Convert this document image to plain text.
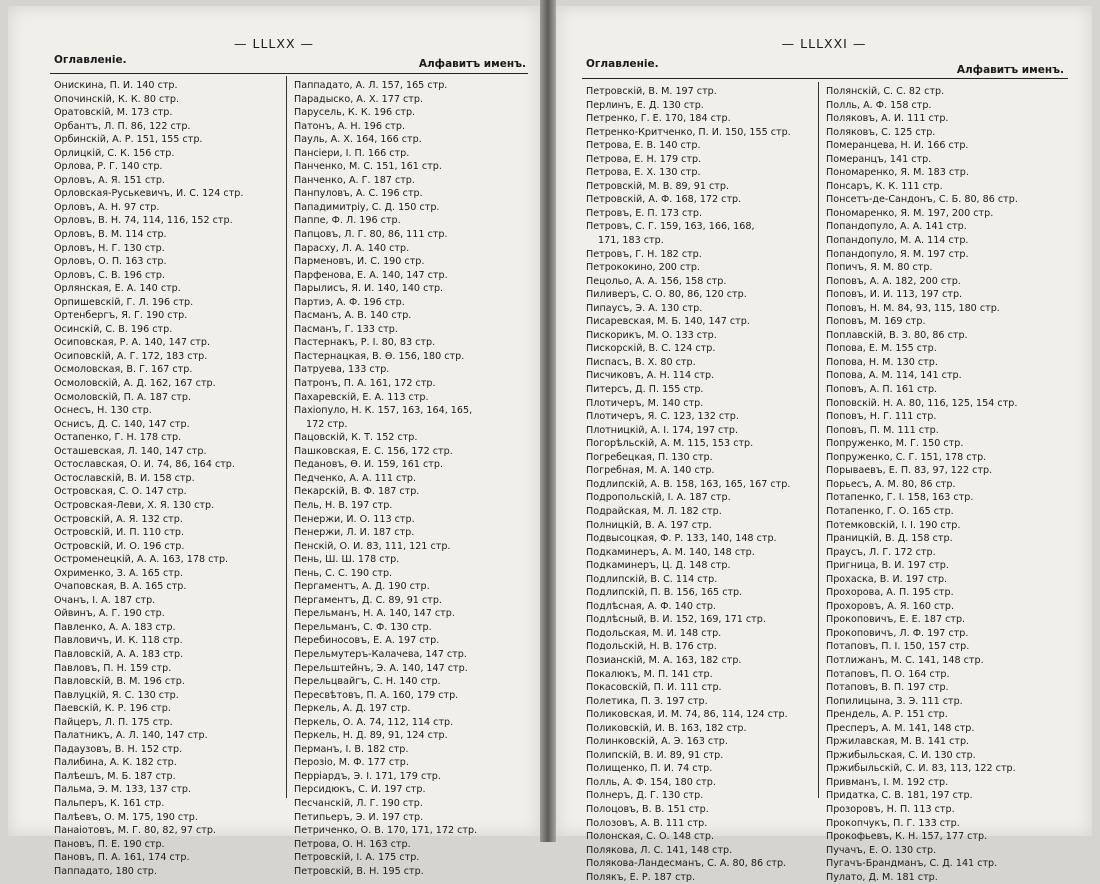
— LLLXX —
Оглавленіе.	Алфавитъ именъ.
Онискина, П. И. 140 стр.
Опочинскій, К. К. 80 стр.
Оратовскій, М. 173 стр.
Орбантъ, Л. П. 86, 122 стр.
Орбинскій, А. Р. 151, 155 стр.
Орлицкій, С. К. 156 стр.
Орлова, Р. Г. 140 стр.
Орловъ, А. Я. 151 стр.
Орловская-Руськевичъ, И. С. 124 стр.
Орловъ, А. Н. 97 стр.
Орловъ, В. Н. 74, 114, 116, 152 стр.
Орловъ, В. М. 114 стр.
Орловъ, Н. Г. 130 стр.
Орловъ, О. П. 163 стр.
Орловъ, С. В. 196 стр.
Орлянская, Е. А. 140 стр.
Орпишевскій, Г. Л. 196 стр.
Ортенбергъ, Я. Г. 190 стр.
Осинскій, С. В. 196 стр.
Осиповская, Р. А. 140, 147 стр.
Осиповскій, А. Г. 172, 183 стр.
Осмоловская, В. Г. 167 стр.
Осмоловскій, А. Д. 162, 167 стр.
Осмоловскій, П. А. 187 стр.
Оснесъ, Н. 130 стр.
Оснисъ, Д. С. 140, 147 стр.
Остапенко, Г. Н. 178 стр.
Осташевская, Л. 140, 147 стр.
Остославская, О. И. 74, 86, 164 стр.
Остославскій, В. И. 158 стр.
Островская, С. О. 147 стр.
Островская-Леви, Х. Я. 130 стр.
Островскій, А. Я. 132 стр.
Островскій, И. П. 110 стр.
Островскій, И. О. 196 стр.
Остроменецкій, А. А. 163, 178 стр.
Охрименко, З. А. 165 стр.
Очаповская, В. А. 165 стр.
Очанъ, І. А. 187 стр.
Ойвинъ, А. Г. 190 стр.
Павленко, А. А. 183 стр.
Павловичъ, И. К. 118 стр.
Павловскій, А. А. 183 стр.
Павловъ, П. Н. 159 стр.
Павловскій, В. М. 196 стр.
Павлуцкій, Я. С. 130 стр.
Паевскій, К. Р. 196 стр.
Пайцеръ, Л. П. 175 стр.
Палатникъ, А. Л. 140, 147 стр.
Падаузовъ, В. Н. 152 стр.
Палибина, А. К. 182 стр.
Палѣешъ, М. Б. 187 стр.
Пальма, Э. М. 133, 137 стр.
Пальперъ, К. 161 стр.
Палѣевъ, О. М. 175, 190 стр.
Панаіотовъ, М. Г. 80, 82, 97 стр.
Пановъ, П. Е. 190 стр.
Пановъ, П. А. 161, 174 стр.
Паппадато, 180 стр.
Паппадато, А. Л. 157, 165 стр.
Парадыско, А. Х. 177 стр.
Парусель, К. К. 196 стр.
Патонъ, А. Н. 196 стр.
Пауль, А. Х. 164, 166 стр.
Пансіери, І. П. 166 стр.
Панченко, М. С. 151, 161 стр.
Панченко, А. Г. 187 стр.
Панпуловъ, А. С. 196 стр.
Пападимитріу, С. Д. 150 стр.
Паппе, Ф. Л. 196 стр.
Папцовъ, Л. Г. 80, 86, 111 стр.
Парасху, Л. А. 140 стр.
Парменовъ, И. С. 190 стр.
Парфенова, Е. А. 140, 147 стр.
Парылисъ, Я. И. 140, 140 стр.
Партиэ, А. Ф. 196 стр.
Пасманъ, А. В. 140 стр.
Пасманъ, Г. 133 стр.
Пастернакъ, Р. І. 80, 83 стр.
Пастернацкая, В. Ө. 156, 180 стр.
Патруева, 133 стр.
Патронъ, П. А. 161, 172 стр.
Пахаревскій, Е. А. 113 стр.
Пахіопуло, Н. К. 157, 163, 164, 165,
172 стр.
Пацовскій, К. Т. 152 стр.
Пашковская, Е. С. 156, 172 стр.
Педановъ, Ө. И. 159, 161 стр.
Педченко, А. А. 111 стр.
Пекарскій, В. Ф. 187 стр.
Пель, Н. В. 197 стр.
Пенержи, И. О. 113 стр.
Пенержи, Л. И. 187 стр.
Пенскій, О. И. 83, 111, 121 стр.
Пень, Ш. Ш. 178 стр.
Пень, С. С. 190 стр.
Пергаментъ, А. Д. 190 стр.
Пергаментъ, Д. С. 89, 91 стр.
Перельманъ, Н. А. 140, 147 стр.
Перельманъ, С. Ф. 130 стр.
Перебиносовъ, Е. А. 197 стр.
Перельмутеръ-Калачева, 147 стр.
Перельштейнъ, Э. А. 140, 147 стр.
Перельцвайгъ, С. Н. 140 стр.
Пересвѣтовъ, П. А. 160, 179 стр.
Перкель, А. Д. 197 стр.
Перкель, О. А. 74, 112, 114 стр.
Перкель, Н. Д. 89, 91, 124 стр.
Перманъ, І. В. 182 стр.
Перозіо, М. Ф. 177 стр.
Перріардъ, Э. І. 171, 179 стр.
Персидюкъ, С. И. 197 стр.
Песчанскій, Л. Г. 190 стр.
Петипьеръ, Э. И. 197 стр.
Петриченко, О. В. 170, 171, 172 стр.
Петрова, О. Н. 163 стр.
Петровскій, І. А. 175 стр.
Петровскій, В. Н. 195 стр.
— LLLXXI —
Оглавленіе.	Алфавитъ именъ.
Петровскій, В. М. 197 стр.
Перлинъ, Е. Д. 130 стр.
Петренко, Г. Е. 170, 184 стр.
Петренко-Критченко, П. И. 150, 155 стр.
Петрова, Е. В. 140 стр.
Петрова, Е. Н. 179 стр.
Петрова, Е. Х. 130 стр.
Петровскій, М. В. 89, 91 стр.
Петровскій, А. Ф. 168, 172 стр.
Петровъ, Е. П. 173 стр.
Петровъ, С. Г. 159, 163, 166, 168,
171, 183 стр.
Петровъ, Г. Н. 182 стр.
Петрококино, 200 стр.
Пецольо, А. А. 156, 158 стр.
Пиливеръ, С. О. 80, 86, 120 стр.
Пипаусъ, Э. А. 130 стр.
Писаревская, М. Б. 140, 147 стр.
Пискорикъ, М. О. 133 стр.
Пискорскій, В. С. 124 стр.
Писпасъ, В. Х. 80 стр.
Писчиковъ, А. Н. 114 стр.
Питерсъ, Д. П. 155 стр.
Плотичеръ, М. 140 стр.
Плотичеръ, Я. С. 123, 132 стр.
Плотницкій, А. І. 174, 197 стр.
Погорѣльскій, А. М. 115, 153 стр.
Погребецкая, П. 130 стр.
Погребная, М. А. 140 стр.
Подлипскій, А. В. 158, 163, 165, 167 стр.
Подропольскій, І. А. 187 стр.
Подрайская, М. Л. 182 стр.
Полницкій, В. А. 197 стр.
Подвысоцкая, Ф. Р. 133, 140, 148 стр.
Подкаминеръ, А. М. 140, 148 стр.
Подкаминеръ, Ц. Д. 148 стр.
Подлипскій, В. С. 114 стр.
Подлипскій, П. В. 156, 165 стр.
Подлѣсная, А. Ф. 140 стр.
Подлѣсный, В. И. 152, 169, 171 стр.
Подольская, М. И. 148 стр.
Подольскій, Н. В. 176 стр.
Позианскій, М. А. 163, 182 стр.
Покалюкъ, М. П. 141 стр.
Покасовскій, П. И. 111 стр.
Полетика, П. З. 197 стр.
Поликовская, И. М. 74, 86, 114, 124 стр.
Поликовскій, И. В. 163, 182 стр.
Полинковскій, А. Э. 163 стр.
Полипскій, В. И. 89, 91 стр.
Полищенко, П. И. 74 стр.
Полль, А. Ф. 154, 180 стр.
Полнеръ, Д. Г. 130 стр.
Полоцовъ, В. В. 151 стр.
Полозовъ, А. В. 111 стр.
Полонская, С. О. 148 стр.
Полякова, Л. С. 141, 148 стр.
Полякова-Ландесманъ, С. А. 80, 86 стр.
Полякъ, Е. Р. 187 стр.
Полянскій, С. С. 82 стр.
Полль, А. Ф. 158 стр.
Поляковъ, А. И. 111 стр.
Поляковъ, С. 125 стр.
Померанцева, Н. И. 166 стр.
Померанцъ, 141 стр.
Пономаренко, Я. М. 183 стр.
Понсаръ, К. К. 111 стр.
Понсетъ-де-Сандонъ, С. Б. 80, 86 стр.
Пономаренко, Я. М. 197, 200 стр.
Попандопуло, А. А. 141 стр.
Попандопуло, М. А. 114 стр.
Попандопуло, Я. М. 197 стр.
Попичъ, Я. М. 80 стр.
Поповъ, А. А. 182, 200 стр.
Поповъ, И. И. 113, 197 стр.
Поповъ, Н. М. 84, 93, 115, 180 стр.
Поповъ, М. 169 стр.
Поплавскій, В. З. 80, 86 стр.
Попова, Е. М. 155 стр.
Попова, Н. М. 130 стр.
Попова, А. М. 114, 141 стр.
Поповъ, А. П. 161 стр.
Поповскій. Н. А. 80, 116, 125, 154 стр.
Поповъ, Н. Г. 111 стр.
Поповъ, П. М. 111 стр.
Попруженко, М. Г. 150 стр.
Попруженко, С. Г. 151, 178 стр.
Порываевъ, Е. П. 83, 97, 122 стр.
Порьесъ, А. М. 80, 86 стр.
Потапенко, Г. І. 158, 163 стр.
Потапенко, Г. О. 165 стр.
Потемковскій, І. І. 190 стр.
Праницкій, В. Д. 158 стр.
Праусъ, Л. Г. 172 стр.
Пригница, В. И. 197 стр.
Прохаска, В. И. 197 стр.
Прохорова, А. П. 195 стр.
Прохоровъ, А. Я. 160 стр.
Прокоповичъ, Е. Е. 187 стр.
Прокоповичъ, Л. Ф. 197 стр.
Потаповъ, П. І. 150, 157 стр.
Потлижанъ, М. С. 141, 148 стр.
Потаповъ, П. О. 164 стр.
Потаповъ, В. П. 197 стр.
Попилицына, З. Э. 111 стр.
Прендель, А. Р. 151 стр.
Пресперъ, А. М. 141, 148 стр.
Пржилавская, М. В. 141 стр.
Пржибыльская, С. И. 130 стр.
Пржибыльскій, С. И. 83, 113, 122 стр.
Привманъ, І. М. 192 стр.
Придатка, С. В. 181, 197 стр.
Прозоровъ, Н. П. 113 стр.
Прокопчукъ, П. Г. 133 стр.
Прокофьевъ, К. Н. 157, 177 стр.
Пучачъ, Е. О. 130 стр.
Пугачъ-Брандманъ, С. Д. 141 стр.
Пулато, Д. М. 181 стр.
